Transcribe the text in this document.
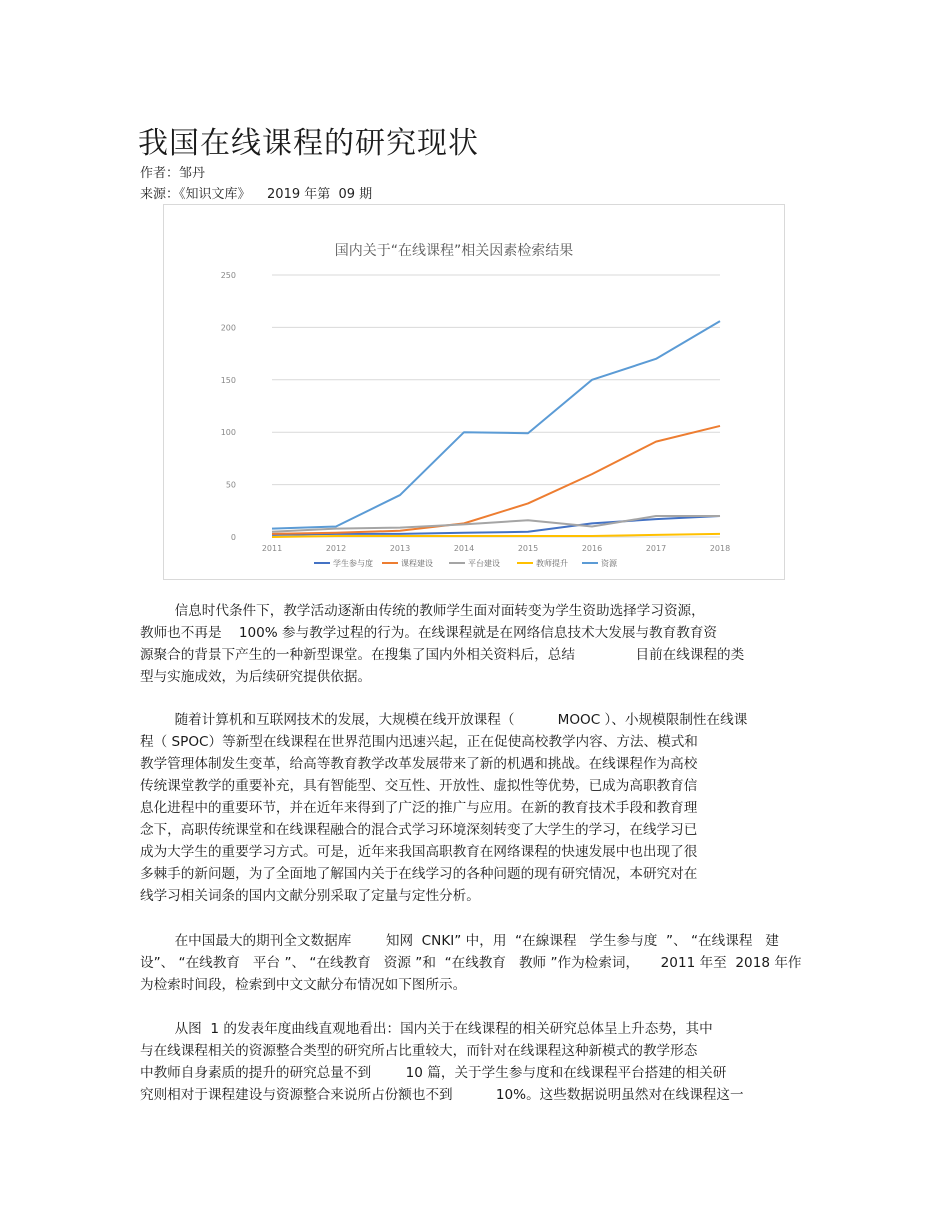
我国在线课程的研究现状
作者：邹丹
来源：《知识文库》    2019 年第  09 期
国内关于“在线课程”相关因素检索结果
0
50
100
150
200
250
2011	2012	2013	2014	2015	2016	2017	2018
学生参与度	课程建设	平台建设	教师提升	资源
信息时代条件下，教学活动逐渐由传统的教师学生面对面转变为学生资助选择学习资源，
教师也不再是    100% 参与教学过程的行为。在线课程就是在网络信息技术大发展与教育教育资
源聚合的背景下产生的一种新型课堂。在搜集了国内外相关资料后，总结              目前在线课程的类
型与实施成效，为后续研究提供依据。
随着计算机和互联网技术的发展，大规模在线开放课程（          MOOC ）、小规模限制性在线课
程（ SPOC）等新型在线课程在世界范围内迅速兴起，正在促使高校教学内容、方法、模式和
教学管理体制发生变革，给高等教育教学改革发展带来了新的机遇和挑战。在线课程作为高校
传统课堂教学的重要补充，具有智能型、交互性、开放性、虚拟性等优势，已成为高职教育信
息化进程中的重要环节，并在近年来得到了广泛的推广与应用。在新的教育技术手段和教育理
念下，高职传统课堂和在线课程融合的混合式学习环境深刻转变了大学生的学习，在线学习已
成为大学生的重要学习方式。可是，近年来我国高职教育在网络课程的快速发展中也出现了很
多棘手的新问题，为了全面地了解国内关于在线学习的各种问题的现有研究情况，本研究对在
线学习相关词条的国内文献分别采取了定量与定性分析。
在中国最大的期刊全文数据库        知网  CNKI” 中，用  “在線课程   学生参与度  ”、 “在线课程   建
设”、 “在线教育   平台 ”、 “在线教育   资源 ”和  “在线教育   教师 ”作为检索词，     2011 年至  2018 年作
为检索时间段，检索到中文文献分布情况如下图所示。
从图  1 的发表年度曲线直观地看出：国内关于在线课程的相关研究总体呈上升态势，其中
与在线课程相关的资源整合类型的研究所占比重较大，而针对在线课程这种新模式的教学形态
中教师自身素质的提升的研究总量不到        10 篇，关于学生参与度和在线课程平台搭建的相关研
究则相对于课程建设与资源整合来说所占份额也不到          10%。这些数据说明虽然对在线课程这一
